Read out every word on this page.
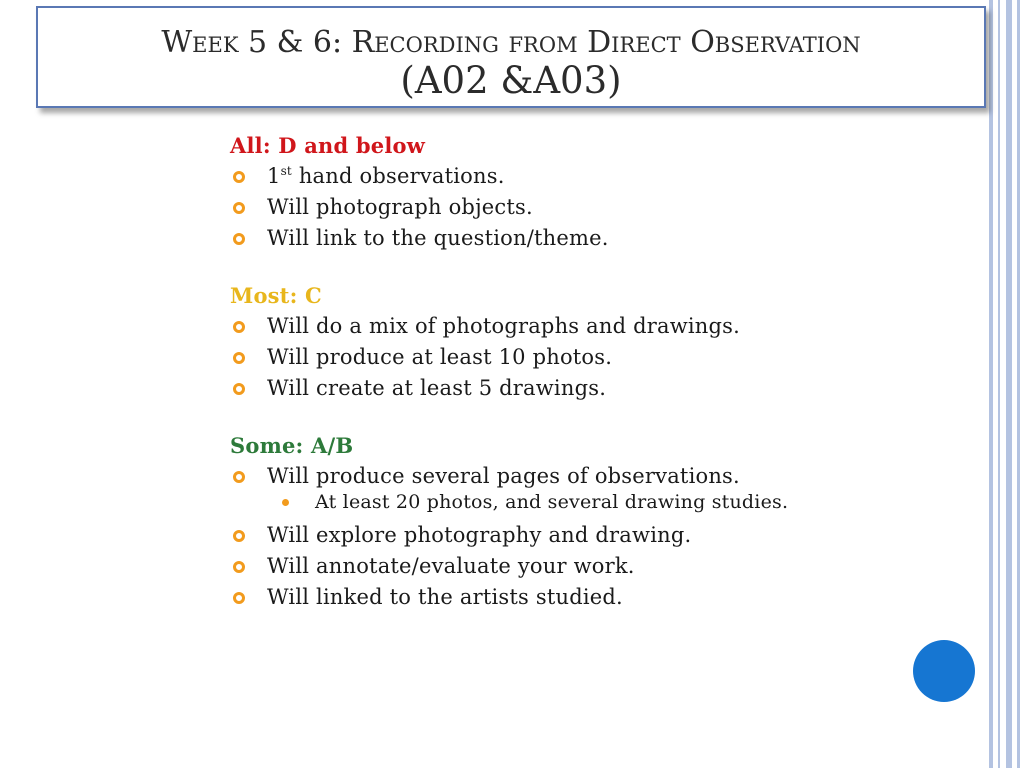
Week 5 & 6: Recording from Direct Observation
(A02 &A03)
All: D and below
1st hand observations.
Will photograph objects.
Will link to the question/theme.
Most: C
Will do a mix of photographs and drawings.
Will produce at least 10 photos.
Will create at least 5 drawings.
Some: A/B
Will produce several pages of observations.
At least 20 photos, and several drawing studies.
Will explore photography and drawing.
Will annotate/evaluate your work.
Will linked to the artists studied.
